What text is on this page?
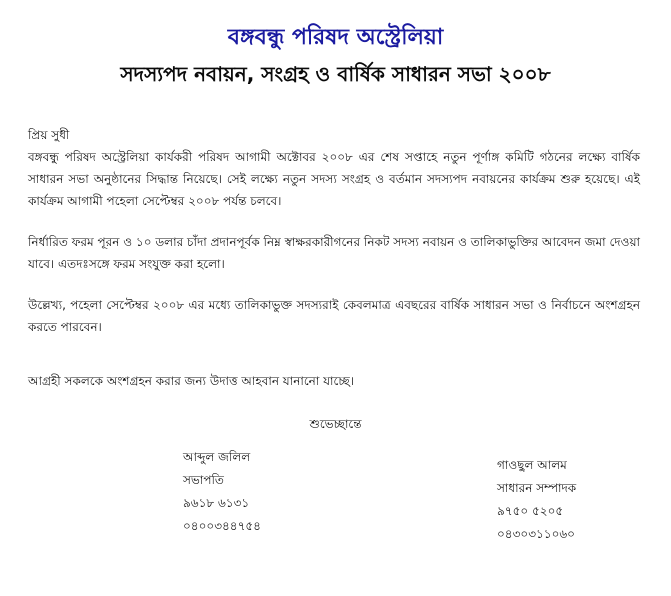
বঙ্গবন্ধু পরিষদ অস্ট্রেলিয়া
সদস্যপদ নবায়ন, সংগ্রহ ও বার্ষিক সাধারন সভা ২০০৮
প্রিয় সুধী
বঙ্গবন্ধু পরিষদ অস্ট্রেলিয়া কার্যকরী পরিষদ আগামী অক্টোবর ২০০৮ এর শেষ সপ্তাহে নতুন পূর্ণাঙ্গ কমিটি গঠনের লক্ষ্যে বার্ষিক সাধারন সভা অনুষ্ঠানের সিদ্ধান্ত নিয়েছে। সেই লক্ষ্যে নতুন সদস্য সংগ্রহ ও বর্তমান সদস্যপদ নবায়নের কার্যক্রম শুরু হয়েছে। এই কার্যক্রম আগামী পহেলা সেপ্টেম্বর ২০০৮ পর্যন্ত চলবে।
নির্ধারিত ফরম পূরন ও ১০ ডলার চাঁদা প্রদানপূর্বক নিম্ন স্বাক্ষরকারীগনের নিকট সদস্য নবায়ন ও তালিকাভুক্তির আবেদন জমা দেওয়া যাবে। এতদঃসঙ্গে ফরম সংযুক্ত করা হলো।
উল্লেখ্য, পহেলা সেপ্টেম্বর ২০০৮ এর মধ্যে তালিকাভুক্ত সদস্যরাই কেবলমাত্র এবছরের বার্ষিক সাধারন সভা ও নির্বাচনে অংশগ্রহন করতে পারবেন।
আগ্রহী সকলকে অংশগ্রহন করার জন্য উদাত্ত আহবান যানানো যাচ্ছে।
শুভেচ্ছান্তে
আব্দুল জলিল
সভাপতি
৯৬১৮ ৬১৩১
০৪০০৩৪৪৭৫৪
গাওছুল আলম
সাধারন সম্পাদক
৯৭৫০ ৫২০৫
০৪৩০৩১১০৬০
